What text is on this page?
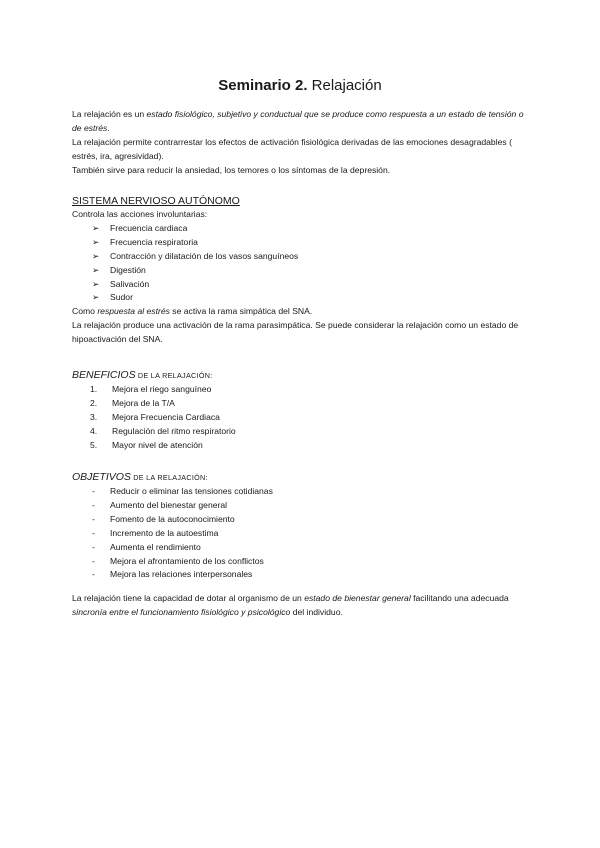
Seminario 2. Relajación

La relajación es un estado fisiológico, subjetivo y conductual que se produce como respuesta a un estado de tensión o de estrés.

La relajación permite contrarrestar los efectos de activación fisiológica derivadas de las emociones desagradables ( estrés, ira, agresividad).

También sirve para reducir la ansiedad, los temores o los síntomas de la depresión.

SISTEMA NERVIOSO AUTÓNOMO

Controla las acciones involuntarias:

➢ Frecuencia cardiaca
➢ Frecuencia respiratoria
➢ Contracción y dilatación de los vasos sanguíneos
➢ Digestión
➢ Salivación
➢ Sudor

Como respuesta al estrés se activa la rama simpática del SNA.

La relajación produce una activación de la rama parasimpática. Se puede considerar la relajación como un estado de hipoactivación del SNA.

BENEFICIOS DE LA RELAJACIÓN:
1. Mejora el riego sanguíneo
2. Mejora de la T/A
3. Mejora Frecuencia Cardiaca
4. Regulación del ritmo respiratorio
5. Mayor nivel de atención
OBJETIVOS DE LA RELAJACIÓN:
- Reducir o eliminar las tensiones cotidianas
- Aumento del bienestar general
- Fomento de la autoconocimiento
- Incremento de la autoestima
- Aumenta el rendimiento
- Mejora el afrontamiento de los conflictos
- Mejora las relaciones interpersonales

La relajación tiene la capacidad de dotar al organismo de un estado de bienestar general facilitando una adecuada sincronía entre el funcionamiento fisiológico y psicológico del individuo.
